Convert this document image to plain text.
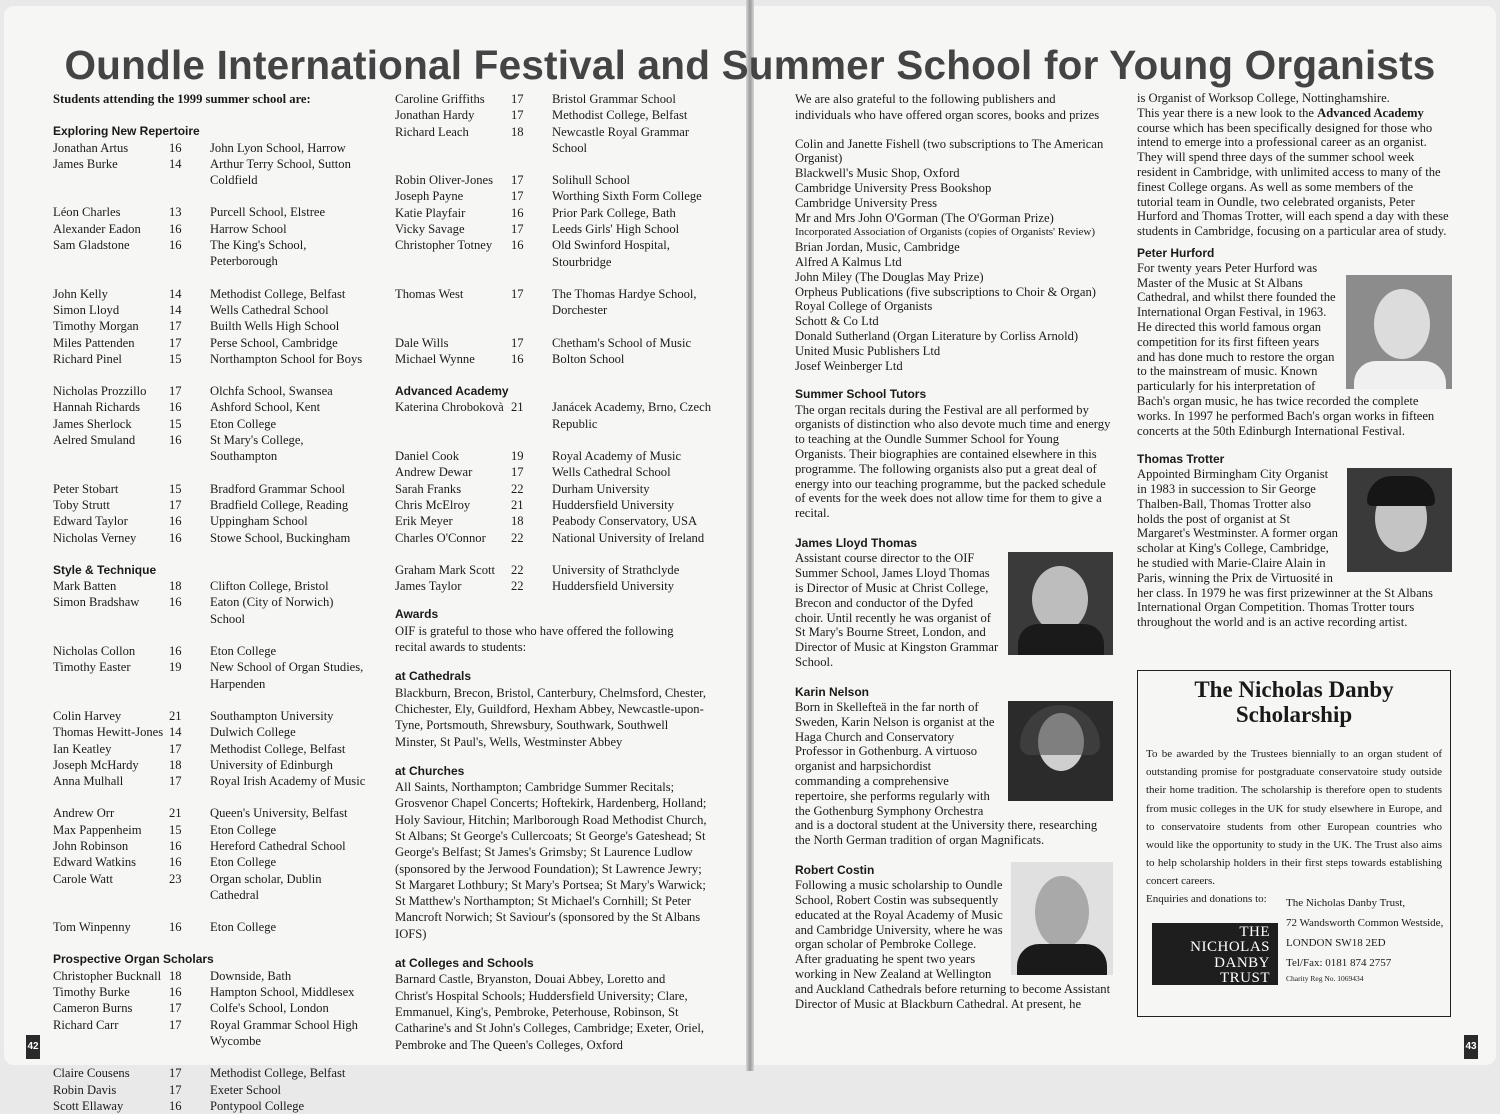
Oundle International Festival and Summer School for Young Organists

Students attending the 1999 summer school are:

Exploring New Repertoire

Jonathan Artus	16	John Lyon School, Harrow
James Burke	14	Arthur Terry School, Sutton Coldfield

Léon Charles	13	Purcell School, Elstree
Alexander Eadon	16	Harrow School
Sam Gladstone	16	The King's School, Peterborough

John Kelly	14	Methodist College, Belfast
Simon Lloyd	14	Wells Cathedral School
Timothy Morgan	17	Builth Wells High School
Miles Pattenden	17	Perse School, Cambridge
Richard Pinel	15	Northampton School for Boys

Nicholas Prozzillo	17	Olchfa School, Swansea
Hannah Richards	16	Ashford School, Kent
James Sherlock	15	Eton College
Aelred Smuland	16	St Mary's College, Southampton

Peter Stobart	15	Bradford Grammar School
Toby Strutt	17	Bradfield College, Reading
Edward Taylor	16	Uppingham School
Nicholas Verney	16	Stowe School, Buckingham

Style & Technique

Mark Batten	18	Clifton College, Bristol
Simon Bradshaw	16	Eaton (City of Norwich) School

Nicholas Collon	16	Eton College
Timothy Easter	19	New School of Organ Studies, Harpenden

Colin Harvey	21	Southampton University
Thomas Hewitt-Jones	14	Dulwich College
Ian Keatley	17	Methodist College, Belfast
Joseph McHardy	18	University of Edinburgh
Anna Mulhall	17	Royal Irish Academy of Music

Andrew Orr	21	Queen's University, Belfast
Max Pappenheim	15	Eton College
John Robinson	16	Hereford Cathedral School
Edward Watkins	16	Eton College
Carole Watt	23	Organ scholar, Dublin Cathedral

Tom Winpenny	16	Eton College

Prospective Organ Scholars

Christopher Bucknall	18	Downside, Bath
Timothy Burke	16	Hampton School, Middlesex
Cameron Burns	17	Colfe's School, London
Richard Carr	17	Royal Grammar School High Wycombe

Claire Cousens	17	Methodist College, Belfast
Robin Davis	17	Exeter School
Scott Ellaway	16	Pontypool College
Caroline Griffiths	17	Bristol Grammar School
Jonathan Hardy	17	Methodist College, Belfast
Richard Leach	18	Newcastle Royal Grammar School

Robin Oliver-Jones	17	Solihull School
Joseph Payne	17	Worthing Sixth Form College
Katie Playfair	16	Prior Park College, Bath
Vicky Savage	17	Leeds Girls' High School
Christopher Totney	16	Old Swinford Hospital, Stourbridge

Thomas West	17	The Thomas Hardye School, Dorchester

Dale Wills	17	Chetham's School of Music
Michael Wynne	16	Bolton School

Advanced Academy

Katerina Chrobokovà	21	Janácek Academy, Brno, Czech Republic

Daniel Cook	19	Royal Academy of Music
Andrew Dewar	17	Wells Cathedral School
Sarah Franks	22	Durham University
Chris McElroy	21	Huddersfield University
Erik Meyer	18	Peabody Conservatory, USA
Charles O'Connor	22	National University of Ireland

Graham Mark Scott	22	University of Strathclyde
James Taylor	22	Huddersfield University

Awards

OIF is grateful to those who have offered the following recital awards to students:

at Cathedrals

Blackburn, Brecon, Bristol, Canterbury, Chelmsford, Chester, Chichester, Ely, Guildford, Hexham Abbey, Newcastle-upon-Tyne, Portsmouth, Shrewsbury, Southwark, Southwell Minster, St Paul's, Wells, Westminster Abbey

at Churches

All Saints, Northampton; Cambridge Summer Recitals; Grosvenor Chapel Concerts; Hoftekirk, Hardenberg, Holland; Holy Saviour, Hitchin; Marlborough Road Methodist Church, St Albans; St George's Cullercoats; St George's Gateshead; St George's Belfast; St James's Grimsby; St Laurence Ludlow (sponsored by the Jerwood Foundation); St Lawrence Jewry; St Margaret Lothbury; St Mary's Portsea; St Mary's Warwick; St Matthew's Northampton; St Michael's Cornhill; St Peter Mancroft Norwich; St Saviour's (sponsored by the St Albans IOFS)

at Colleges and Schools

Barnard Castle, Bryanston, Douai Abbey, Loretto and Christ's Hospital Schools; Huddersfield University; Clare, Emmanuel, King's, Pembroke, Peterhouse, Robinson, St Catharine's and St John's Colleges, Cambridge; Exeter, Oriel, Pembroke and The Queen's Colleges, Oxford

We are also grateful to the following publishers and individuals who have offered organ scores, books and prizes

Colin and Janette Fishell (two subscriptions to The American Organist)
Blackwell's Music Shop, Oxford
Cambridge University Press Bookshop
Cambridge University Press
Mr and Mrs John O'Gorman (The O'Gorman Prize)
Incorporated Association of Organists (copies of Organists' Review)
Brian Jordan, Music, Cambridge
Alfred A Kalmus Ltd
John Miley (The Douglas May Prize)
Orpheus Publications (five subscriptions to Choir & Organ)
Royal College of Organists
Schott & Co Ltd
Donald Sutherland (Organ Literature by Corliss Arnold)
United Music Publishers Ltd
Josef Weinberger Ltd

Summer School Tutors

The organ recitals during the Festival are all performed by organists of distinction who also devote much time and energy to teaching at the Oundle Summer School for Young Organists. Their biographies are contained elsewhere in this programme. The following organists also put a great deal of energy into our teaching programme, but the packed schedule of events for the week does not allow time for them to give a recital.

James Lloyd Thomas

Assistant course director to the OIF Summer School, James Lloyd Thomas is Director of Music at Christ College, Brecon and conductor of the Dyfed choir. Until recently he was organist of St Mary's Bourne Street, London, and Director of Music at Kingston Grammar School.

Karin Nelson

Born in Skellefteä in the far north of Sweden, Karin Nelson is organist at the Haga Church and Conservatory Professor in Gothenburg. A virtuoso organist and harpsichordist commanding a comprehensive repertoire, she performs regularly with the Gothenburg Symphony Orchestra and is a doctoral student at the University there, researching the North German tradition of organ Magnificats.

Robert Costin

Following a music scholarship to Oundle School, Robert Costin was subsequently educated at the Royal Academy of Music and Cambridge University, where he was organ scholar of Pembroke College. After graduating he spent two years working in New Zealand at Wellington and Auckland Cathedrals before returning to become Assistant Director of Music at Blackburn Cathedral. At present, he

is Organist of Worksop College, Nottinghamshire.

This year there is a new look to the Advanced Academy course which has been specifically designed for those who intend to emerge into a professional career as an organist. They will spend three days of the summer school week resident in Cambridge, with unlimited access to many of the finest College organs. As well as some members of the tutorial team in Oundle, two celebrated organists, Peter Hurford and Thomas Trotter, will each spend a day with these students in Cambridge, focusing on a particular area of study.

Peter Hurford

For twenty years Peter Hurford was Master of the Music at St Albans Cathedral, and whilst there founded the International Organ Festival, in 1963. He directed this world famous organ competition for its first fifteen years and has done much to restore the organ to the mainstream of music. Known particularly for his interpretation of Bach's organ music, he has twice recorded the complete works. In 1997 he performed Bach's organ works in fifteen concerts at the 50th Edinburgh International Festival.

Thomas Trotter

Appointed Birmingham City Organist in 1983 in succession to Sir George Thalben-Ball, Thomas Trotter also holds the post of organist at St Margaret's Westminster. A former organ scholar at King's College, Cambridge, he studied with Marie-Claire Alain in Paris, winning the Prix de Virtuosité in her class. In 1979 he was first prizewinner at the St Albans International Organ Competition. Thomas Trotter tours throughout the world and is an active recording artist.

The Nicholas Danby
Scholarship

To be awarded by the Trustees biennially to an organ student of outstanding promise for postgraduate conservatoire study outside their home tradition. The scholarship is therefore open to students from music colleges in the UK for study elsewhere in Europe, and to conservatoire students from other European countries who would like the opportunity to study in the UK. The Trust also aims to help scholarship holders in their first steps towards establishing concert careers.

Enquiries and donations to: The Nicholas Danby Trust,
72 Wandsworth Common Westside,
LONDON SW18 2ED
Tel/Fax: 0181 874 2757
Charity Reg No. 1069434
THE
NICHOLAS
DANBY
TRUST
42	43
